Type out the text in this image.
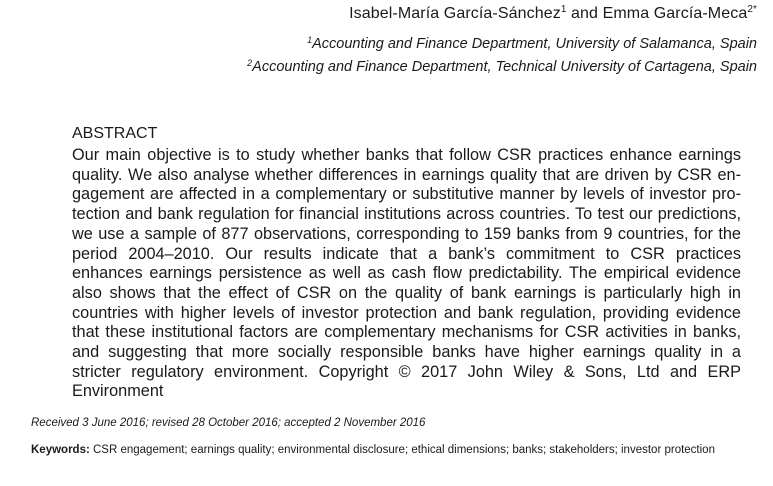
Isabel-María García-Sánchez$^1$ and Emma García-Meca$^{2*}$
$^1$Accounting and Finance Department, University of Salamanca, Spain
$^2$Accounting and Finance Department, Technical University of Cartagena, Spain
ABSTRACT
Our main objective is to study whether banks that follow CSR practices enhance earnings quality. We also analyse whether differences in earnings quality that are driven by CSR engagement are affected in a complementary or substitutive manner by levels of investor protection and bank regulation for financial institutions across countries. To test our predictions, we use a sample of 877 observations, corresponding to 159 banks from 9 countries, for the period 2004–2010. Our results indicate that a bank’s commitment to CSR practices enhances earnings persistence as well as cash flow predictability. The empirical evidence also shows that the effect of CSR on the quality of bank earnings is particularly high in countries with higher levels of investor protection and bank regulation, providing evidence that these institutional factors are complementary mechanisms for CSR activities in banks, and suggesting that more socially responsible banks have higher earnings quality in a stricter regulatory environment. Copyright © 2017 John Wiley & Sons, Ltd and ERP Environment
Received 3 June 2016; revised 28 October 2016; accepted 2 November 2016
Keywords: CSR engagement; earnings quality; environmental disclosure; ethical dimensions; banks; stakeholders; investor protection
